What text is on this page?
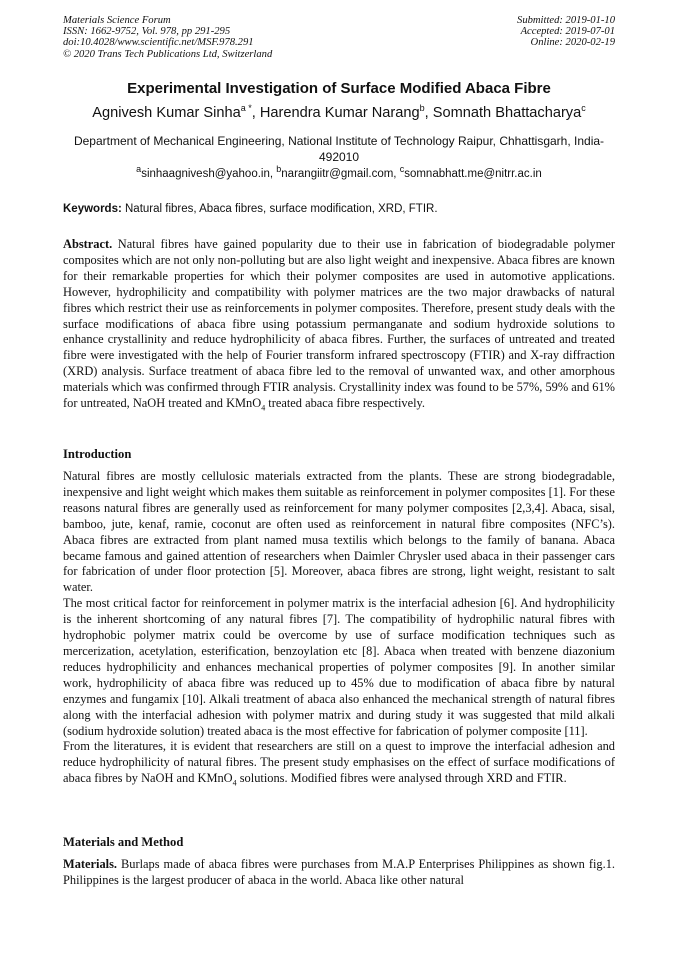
Materials Science Forum
ISSN: 1662-9752, Vol. 978, pp 291-295
doi:10.4028/www.scientific.net/MSF.978.291
© 2020 Trans Tech Publications Ltd, Switzerland
Submitted: 2019-01-10
Accepted: 2019-07-01
Online: 2020-02-19
Experimental Investigation of Surface Modified Abaca Fibre
Agnivesh Kumar Sinha$^{a *}$, Harendra Kumar Narang$^b$, Somnath Bhattacharya$^c$
Department of Mechanical Engineering, National Institute of Technology Raipur, Chhattisgarh, India-492010
$^a$sinhaagnivesh@yahoo.in, $^b$narangiitr@gmail.com, $^c$somnabhatt.me@nitrr.ac.in
Keywords: Natural fibres, Abaca fibres, surface modification, XRD, FTIR.

Abstract. Natural fibres have gained popularity due to their use in fabrication of biodegradable polymer composites which are not only non-polluting but are also light weight and inexpensive. Abaca fibres are known for their remarkable properties for which their polymer composites are used in automotive applications. However, hydrophilicity and compatibility with polymer matrices are the two major drawbacks of natural fibres which restrict their use as reinforcements in polymer composites. Therefore, present study deals with the surface modifications of abaca fibre using potassium permanganate and sodium hydroxide solutions to enhance crystallinity and reduce hydrophilicity of abaca fibres. Further, the surfaces of untreated and treated fibre were investigated with the help of Fourier transform infrared spectroscopy (FTIR) and X-ray diffraction (XRD) analysis. Surface treatment of abaca fibre led to the removal of unwanted wax, and other amorphous materials which was confirmed through FTIR analysis. Crystallinity index was found to be 57%, 59% and 61% for untreated, NaOH treated and KMnO$_4$ treated abaca fibre respectively.

Introduction

Natural fibres are mostly cellulosic materials extracted from the plants. These are strong biodegradable, inexpensive and light weight which makes them suitable as reinforcement in polymer composites [1]. For these reasons natural fibres are generally used as reinforcement for many polymer composites [2,3,4]. Abaca, sisal, bamboo, jute, kenaf, ramie, coconut are often used as reinforcement in natural fibre composites (NFC’s). Abaca fibres are extracted from plant named musa textilis which belongs to the family of banana. Abaca became famous and gained attention of researchers when Daimler Chrysler used abaca in their passenger cars for fabrication of under floor protection [5]. Moreover, abaca fibres are strong, light weight, resistant to salt water.

The most critical factor for reinforcement in polymer matrix is the interfacial adhesion [6]. And hydrophilicity is the inherent shortcoming of any natural fibres [7]. The compatibility of hydrophilic natural fibres with hydrophobic polymer matrix could be overcome by use of surface modification techniques such as mercerization, acetylation, esterification, benzoylation etc [8]. Abaca when treated with benzene diazonium reduces hydrophilicity and enhances mechanical properties of polymer composites [9]. In another similar work, hydrophilicity of abaca fibre was reduced up to 45% due to modification of abaca fibre by natural enzymes and fungamix [10]. Alkali treatment of abaca also enhanced the mechanical strength of natural fibres along with the interfacial adhesion with polymer matrix and during study it was suggested that mild alkali (sodium hydroxide solution) treated abaca is the most effective for fabrication of polymer composite [11].

From the literatures, it is evident that researchers are still on a quest to improve the interfacial adhesion and reduce hydrophilicity of natural fibres. The present study emphasises on the effect of surface modifications of abaca fibres by NaOH and KMnO$_4$ solutions. Modified fibres were analysed through XRD and FTIR.

Materials and Method

Materials. Burlaps made of abaca fibres were purchases from M.A.P Enterprises Philippines as shown fig.1. Philippines is the largest producer of abaca in the world. Abaca like other natural
